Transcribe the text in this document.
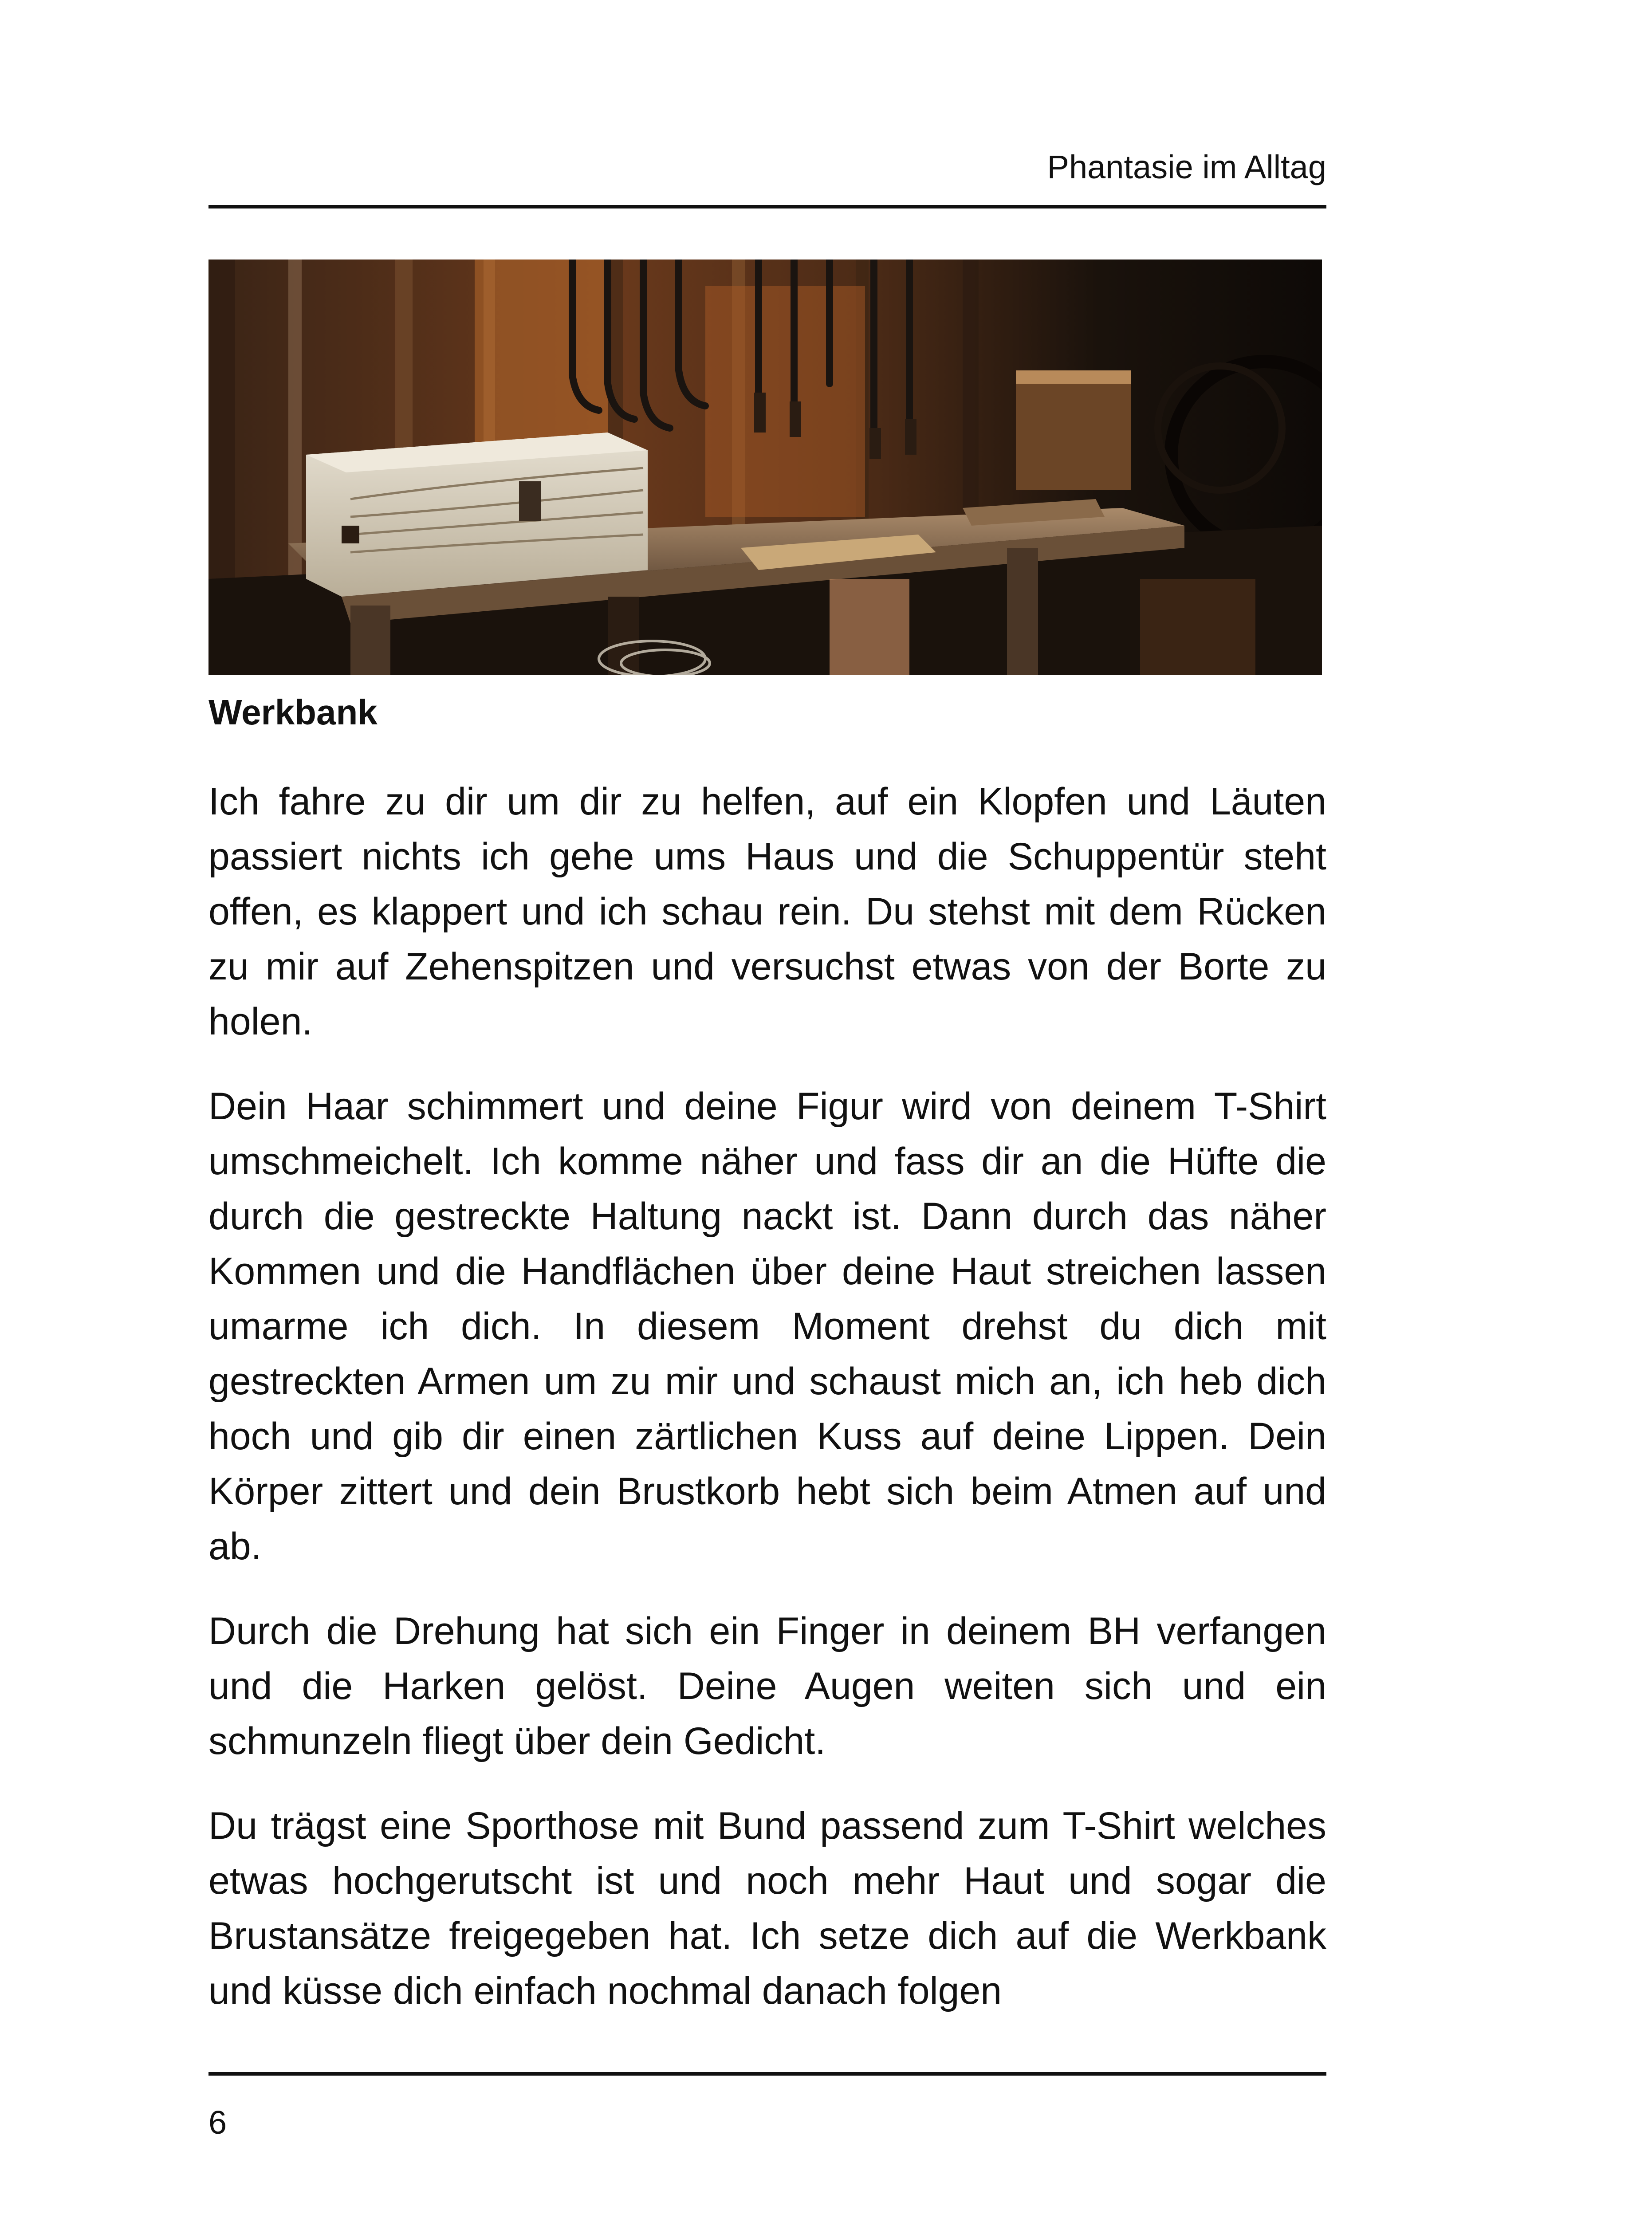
Phantasie im Alltag
Werkbank

Ich fahre zu dir um dir zu helfen, auf ein Klopfen und Läuten passiert nichts ich gehe ums Haus und die Schuppentür steht offen, es klappert und ich schau rein. Du stehst mit dem Rücken zu mir auf Zehenspitzen und versuchst etwas von der Borte zu holen.

Dein Haar schimmert und deine Figur wird von deinem T-Shirt umschmeichelt. Ich komme näher und fass dir an die Hüfte die durch die gestreckte Haltung nackt ist. Dann durch das näher Kommen und die Handflächen über deine Haut streichen lassen umarme ich dich. In diesem Moment drehst du dich mit gestreckten Armen um zu mir und schaust mich an, ich heb dich hoch und gib dir einen zärtlichen Kuss auf deine Lippen. Dein Körper zittert und dein Brustkorb hebt sich beim Atmen auf und ab.

Durch die Drehung hat sich ein Finger in deinem BH verfangen und die Harken gelöst. Deine Augen weiten sich und ein schmunzeln fliegt über dein Gedicht.

Du trägst eine Sporthose mit Bund passend zum T-Shirt welches etwas hochgerutscht ist und noch mehr Haut und sogar die Brustansätze freigegeben hat. Ich setze dich auf die Werkbank und küsse dich einfach nochmal danach folgen

6
